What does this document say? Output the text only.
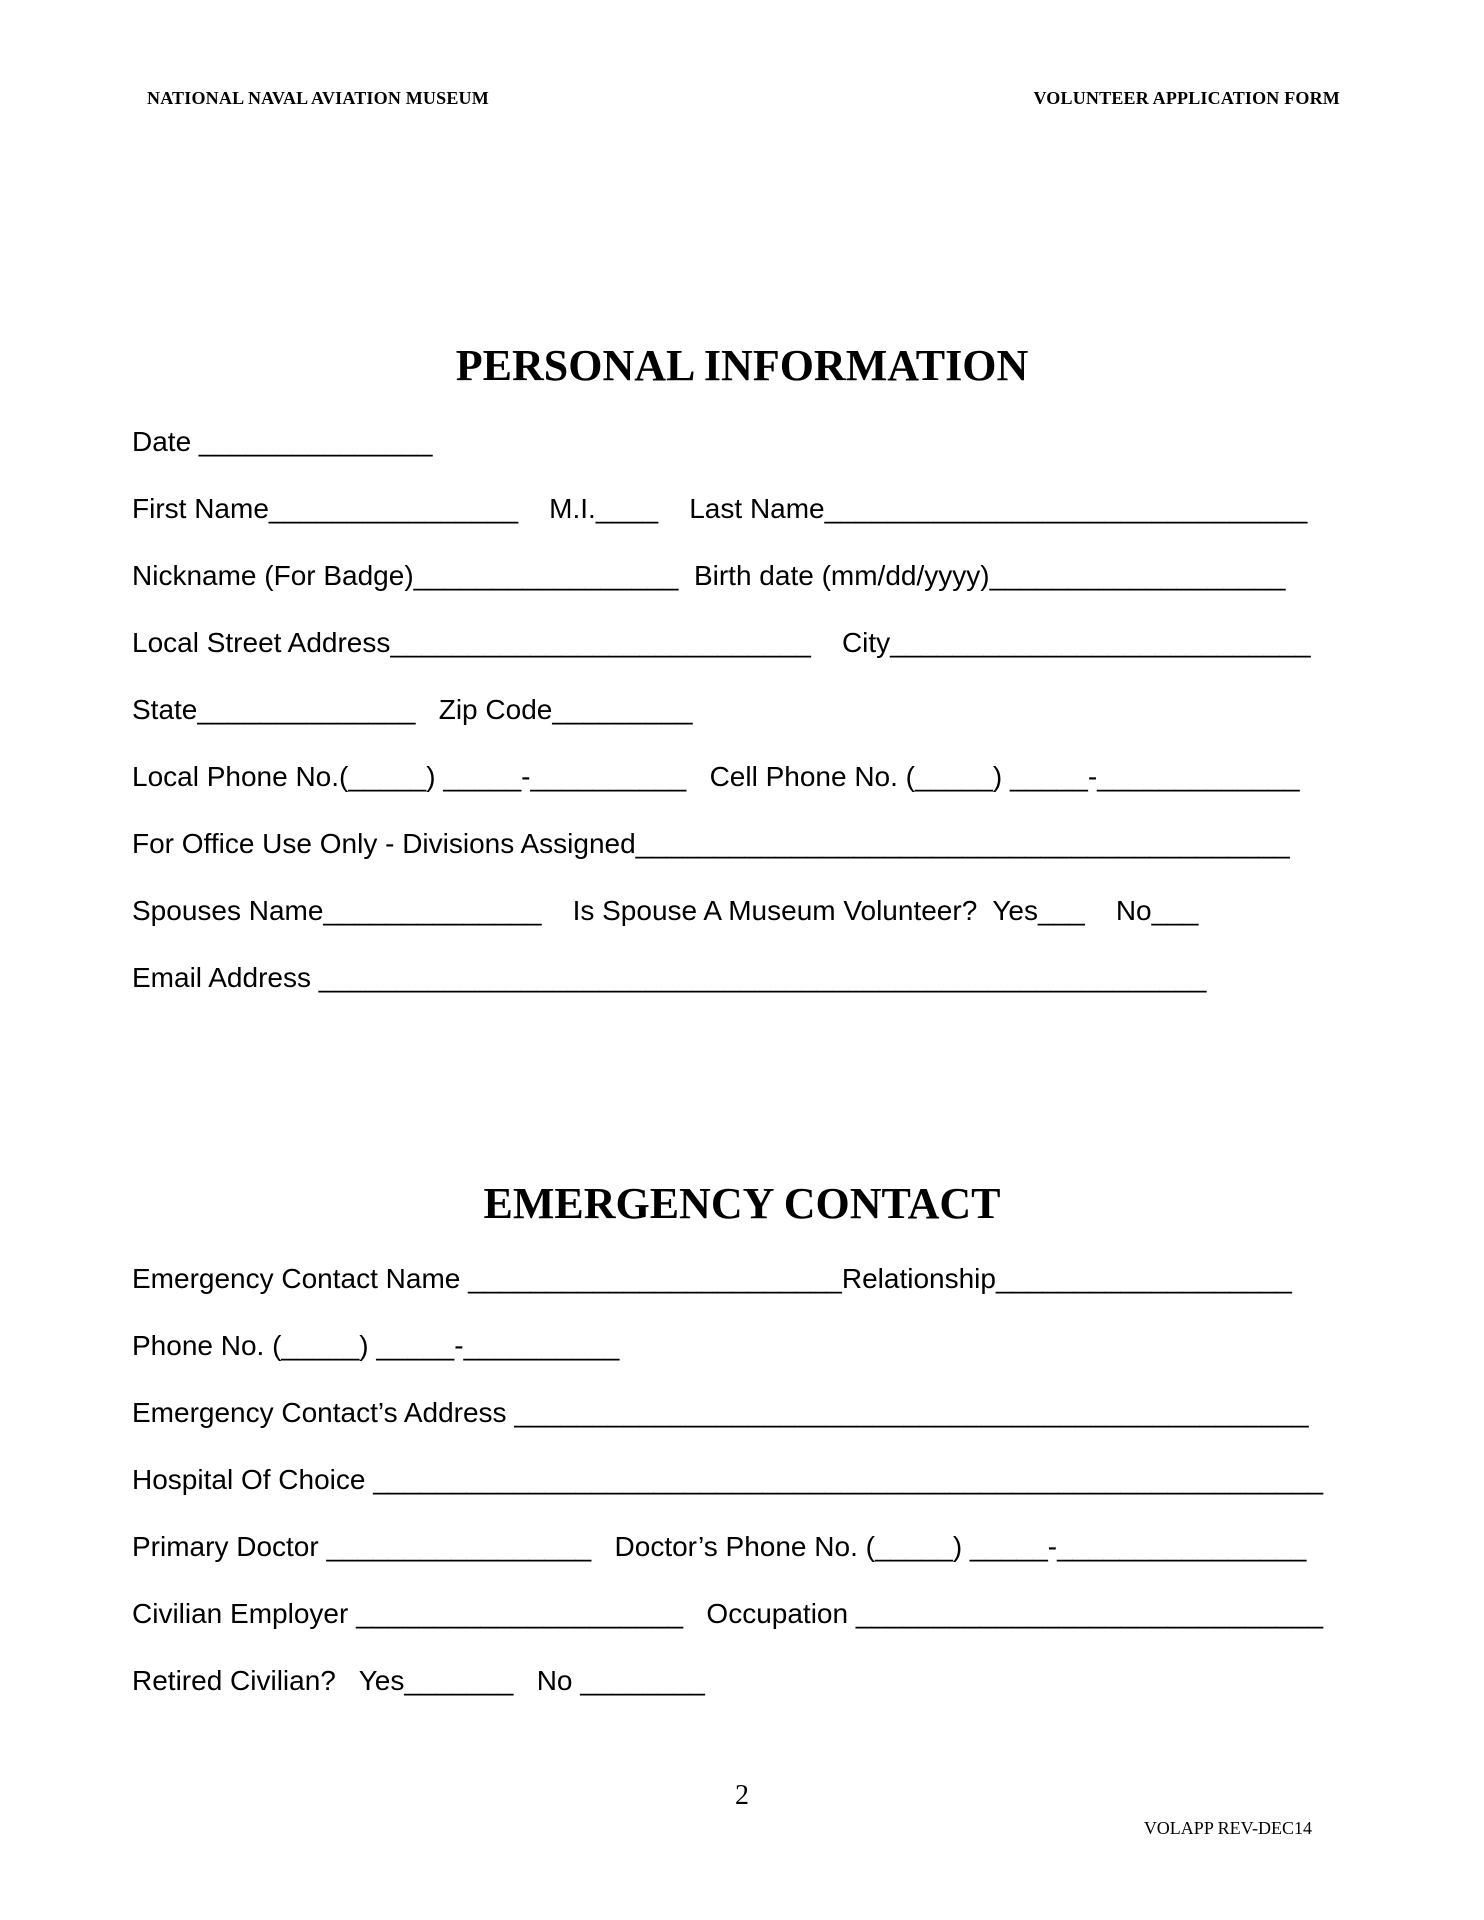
NATIONAL NAVAL AVIATION MUSEUM	VOLUNTEER APPLICATION FORM
PERSONAL INFORMATION
Date _______________
First Name________________    M.I.____    Last Name_______________________________
Nickname (For Badge)_________________  Birth date (mm/dd/yyyy)___________________
Local Street Address___________________________    City___________________________
State______________   Zip Code_________
Local Phone No.(_____) _____-__________   Cell Phone No. (_____) _____-_____________
For Office Use Only - Divisions Assigned__________________________________________
Spouses Name______________    Is Spouse A Museum Volunteer?  Yes___    No___
Email Address _________________________________________________________
EMERGENCY CONTACT
Emergency Contact Name ________________________Relationship___________________
Phone No. (_____) _____-__________
Emergency Contact’s Address ___________________________________________________
Hospital Of Choice _____________________________________________________________
Primary Doctor _________________   Doctor’s Phone No. (_____) _____-________________
Civilian Employer _____________________   Occupation ______________________________
Retired Civilian?   Yes_______   No ________
2
VOLAPP REV-DEC14
